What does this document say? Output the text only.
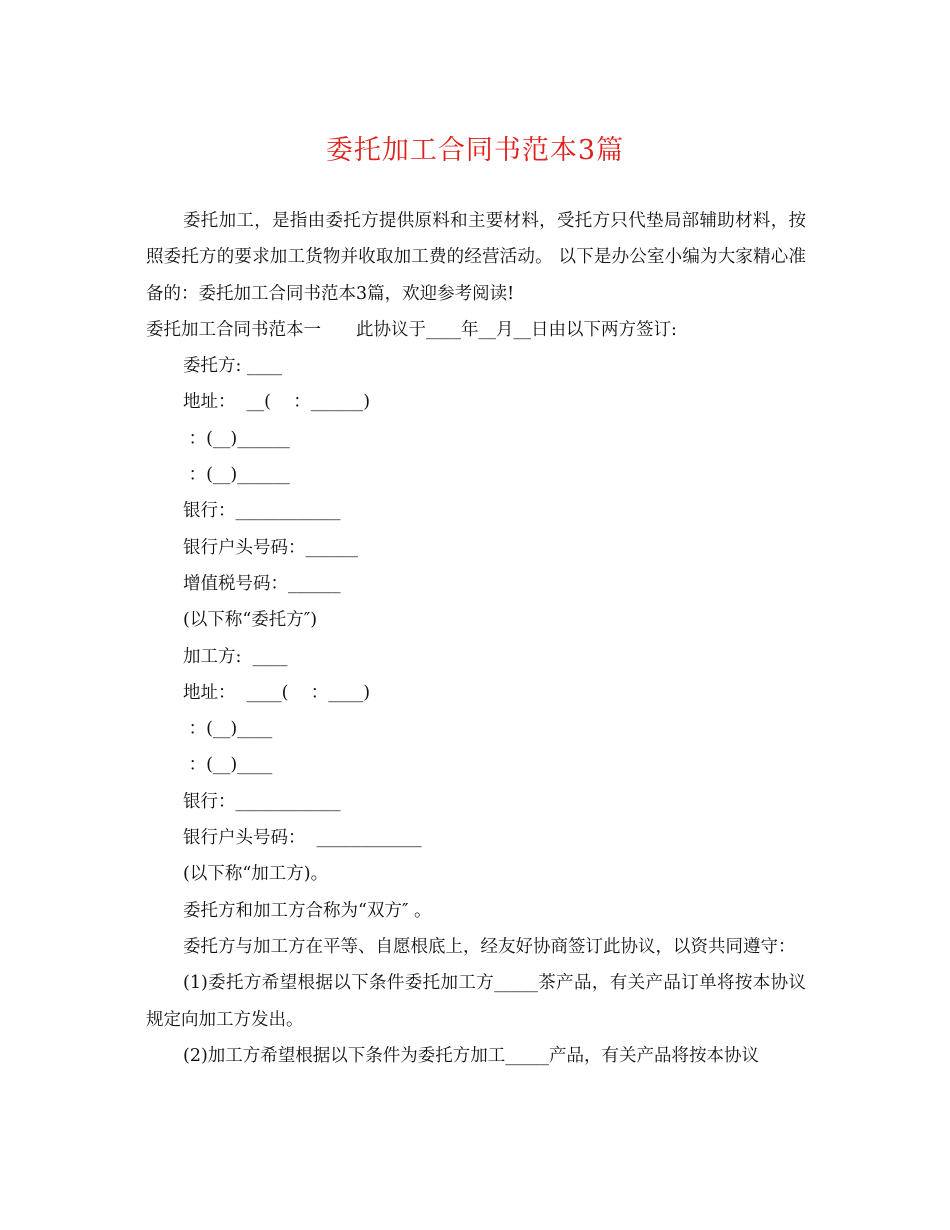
委托加工合同书范本3篇

委托加工，是指由委托方提供原料和主要材料，受托方只代垫局部辅助材料，按照委托方的要求加工货物并收取加工费的经营活动。 以下是办公室小编为大家精心准备的：委托加工合同书范本3篇，欢迎参考阅读!

委托加工合同书范本一　　此协议于____年__月__日由以下两方签订:

委托方: ____

地址：  __(    ：______)

：(__)______

：(__)______

银行：____________

银行户头号码：______

增值税号码：______

(以下称“委托方″)

加工方:  ____

地址：  ____(    ：____)

：(__)____

：(__)____

银行：____________

银行户头号码：  ____________

(以下称“加工方)。

委托方和加工方合称为“双方″ 。

委托方与加工方在平等、自愿根底上，经友好协商签订此协议，以资共同遵守：

(1)委托方希望根据以下条件委托加工方_____茶产品，有关产品订单将按本协议规定向加工方发出。

(2)加工方希望根据以下条件为委托方加工_____产品，有关产品将按本协议
